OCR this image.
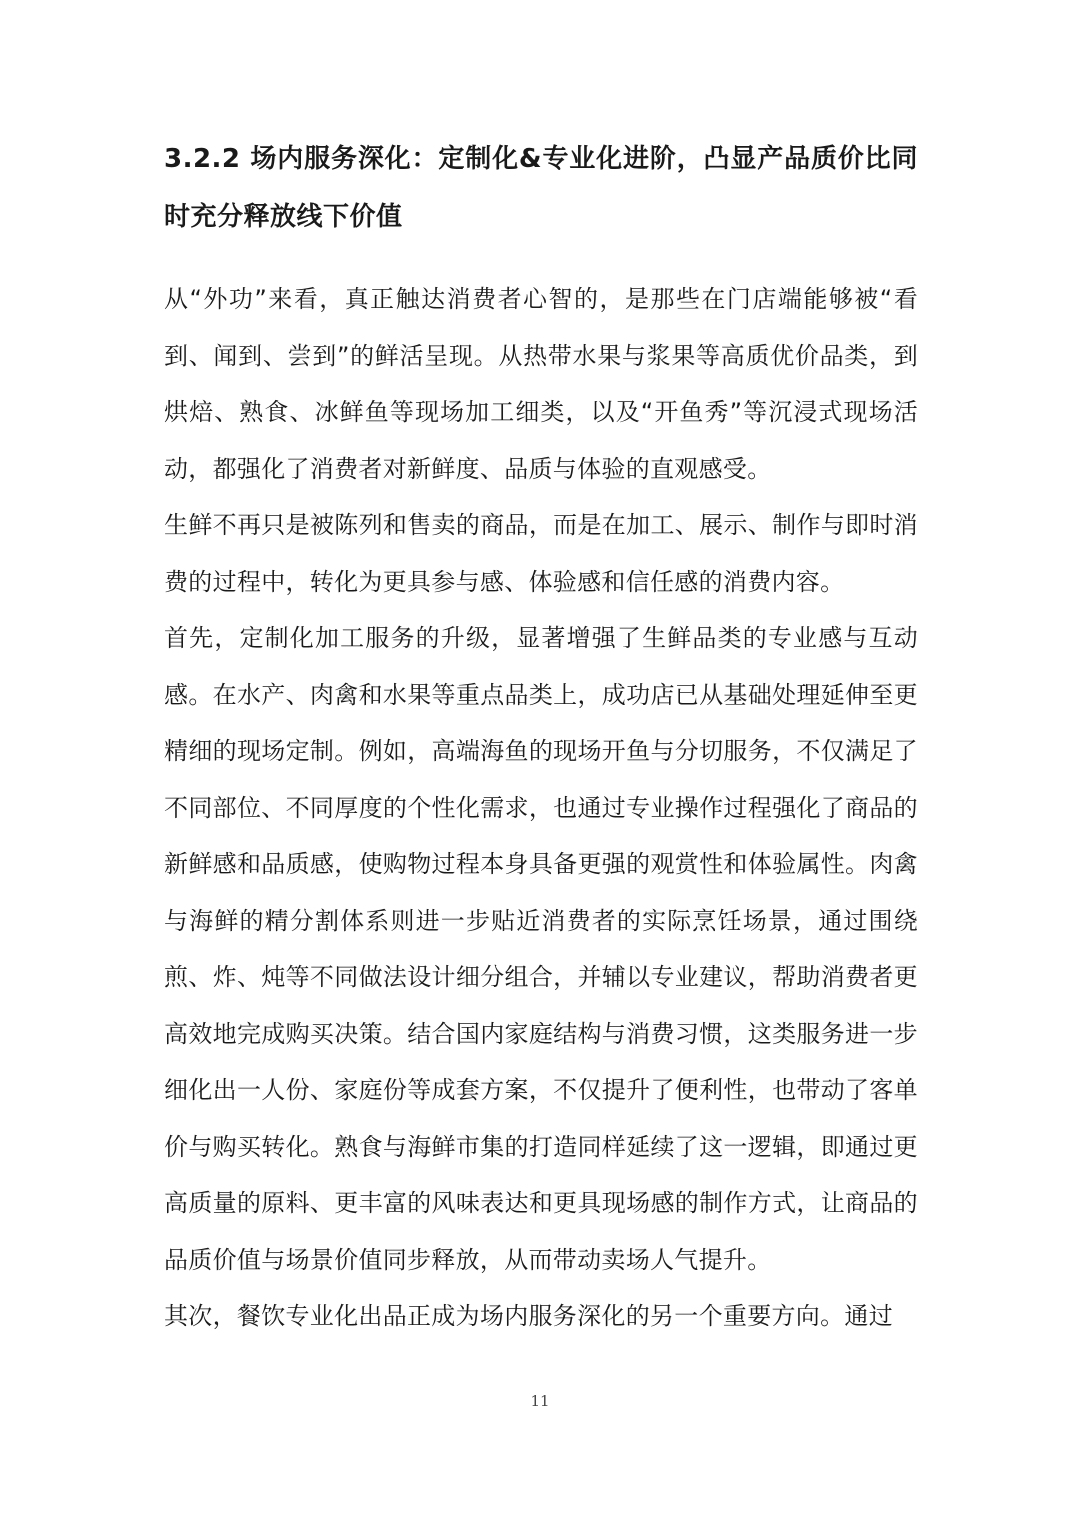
3.2.2 场内服务深化：定制化&专业化进阶，凸显产品质价比同时充分释放线下价值

从“外功”来看，真正触达消费者心智的，是那些在门店端能够被“看到、闻到、尝到”的鲜活呈现。从热带水果与浆果等高质优价品类，到烘焙、熟食、冰鲜鱼等现场加工细类，以及“开鱼秀”等沉浸式现场活动，都强化了消费者对新鲜度、品质与体验的直观感受。

生鲜不再只是被陈列和售卖的商品，而是在加工、展示、制作与即时消费的过程中，转化为更具参与感、体验感和信任感的消费内容。

首先，定制化加工服务的升级，显著增强了生鲜品类的专业感与互动感。在水产、肉禽和水果等重点品类上，成功店已从基础处理延伸至更精细的现场定制。例如，高端海鱼的现场开鱼与分切服务，不仅满足了不同部位、不同厚度的个性化需求，也通过专业操作过程强化了商品的新鲜感和品质感，使购物过程本身具备更强的观赏性和体验属性。肉禽与海鲜的精分割体系则进一步贴近消费者的实际烹饪场景，通过围绕煎、炸、炖等不同做法设计细分组合，并辅以专业建议，帮助消费者更高效地完成购买决策。结合国内家庭结构与消费习惯，这类服务进一步细化出一人份、家庭份等成套方案，不仅提升了便利性，也带动了客单价与购买转化。熟食与海鲜市集的打造同样延续了这一逻辑，即通过更高质量的原料、更丰富的风味表达和更具现场感的制作方式，让商品的品质价值与场景价值同步释放，从而带动卖场人气提升。

其次，餐饮专业化出品正成为场内服务深化的另一个重要方向。通过

11
